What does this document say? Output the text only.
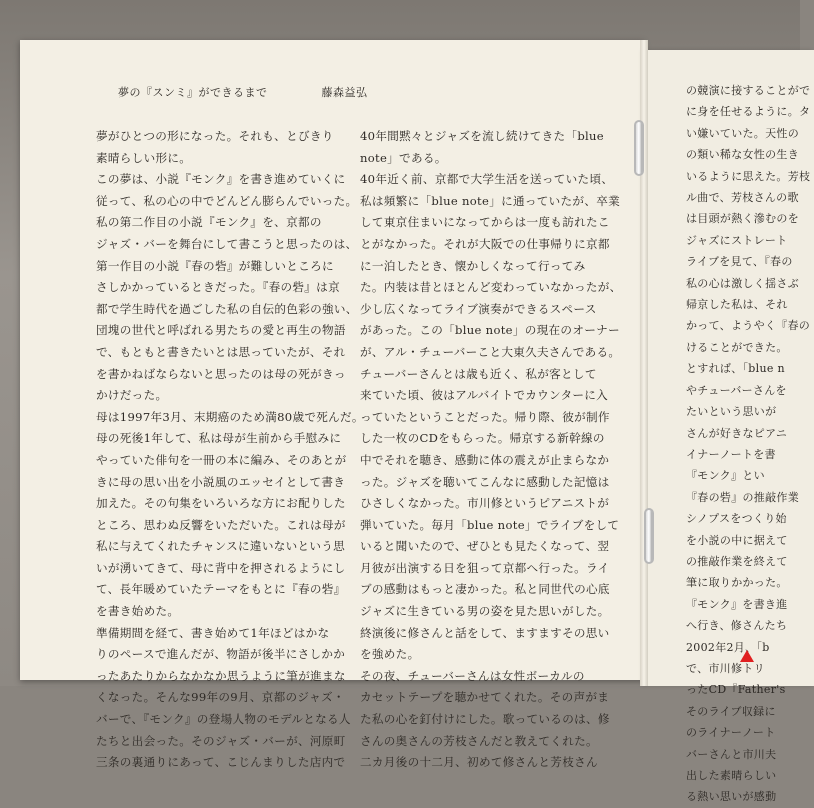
夢の『スンミ』ができるまで	藤森益弘

夢がひとつの形になった。それも、とびきり

素晴らしい形に。

この夢は、小説『モンク』を書き進めていくに

従って、私の心の中でどんどん膨らんでいった。

私の第二作目の小説『モンク』を、京都の

ジャズ・バーを舞台にして書こうと思ったのは、

第一作目の小説『春の砦』が難しいところに

さしかかっているときだった。『春の砦』は京

都で学生時代を過ごした私の自伝的色彩の強い、

団塊の世代と呼ばれる男たちの愛と再生の物語

で、もともと書きたいとは思っていたが、それ

を書かねばならないと思ったのは母の死がきっ

かけだった。

母は1997年3月、末期癌のため満80歳で死んだ。

母の死後1年して、私は母が生前から手慰みに

やっていた俳句を一冊の本に編み、そのあとが

きに母の思い出を小説風のエッセイとして書き

加えた。その句集をいろいろな方にお配りした

ところ、思わぬ反響をいただいた。これは母が

私に与えてくれたチャンスに違いないという思

いが湧いてきて、母に背中を押されるようにし

て、長年暖めていたテーマをもとに『春の砦』

を書き始めた。

準備期間を経て、書き始めて1年ほどはかな

りのペースで進んだが、物語が後半にさしかか

ったあたりからなかなか思うように筆が進まな

くなった。そんな99年の9月、京都のジャズ・

バーで、『モンク』の登場人物のモデルとなる人

たちと出会った。そのジャズ・バーが、河原町

三条の裏通りにあって、こじんまりした店内で

40年間黙々とジャズを流し続けてきた「blue

note」である。

40年近く前、京都で大学生活を送っていた頃、

私は頻繁に「blue note」に通っていたが、卒業

して東京住まいになってからは一度も訪れたこ

とがなかった。それが大阪での仕事帰りに京都

に一泊したとき、懐かしくなって行ってみ

た。内装は昔とほとんど変わっていなかったが、

少し広くなってライブ演奏ができるスペース

があった。この「blue note」の現在のオーナー

が、アル・チューバーこと大東久夫さんである。

チューバーさんとは歳も近く、私が客として

来ていた頃、彼はアルバイトでカウンターに入

っていたということだった。帰り際、彼が制作

した一枚のCDをもらった。帰京する新幹線の

中でそれを聴き、感動に体の震えが止まらなか

った。ジャズを聴いてこんなに感動した記憶は

ひさしくなかった。市川修というピアニストが

弾いていた。毎月「blue note」でライブをして

いると聞いたので、ぜひとも見たくなって、翌

月彼が出演する日を狙って京都へ行った。ライ

ブの感動はもっと凄かった。私と同世代の心底

ジャズに生きている男の姿を見た思いがした。

終演後に修さんと話をして、ますますその思い

を強めた。

その夜、チューバーさんは女性ボーカルの

カセットテープを聴かせてくれた。その声がま

た私の心を釘付けにした。歌っているのは、修

さんの奥さんの芳枝さんだと教えてくれた。

二カ月後の十二月、初めて修さんと芳枝さん

の競演に接することがで

に身を任せるように。タ

い嫌いていた。天性の

の類い稀な女性の生き

いるように思えた。芳枝

ル曲で、芳枝さんの歌

は目頭が熱く滲むのを

ジャズにストレート

ライブを見て、『春の

私の心は激しく揺さぶ

帰京した私は、それ

かって、ようやく『春の

けることができた。

とすれば、「blue n

やチューバーさんを

たいという思いが

さんが好きなピアニ

イナーノートを書

『モンク』とい

『春の砦』の推敲作業

シノプスをつくり始

を小説の中に据えて

の推敲作業を終えて

筆に取りかかった。

『モンク』を書き進

へ行き、修さんたち

2002年2月、「b

で、市川修トリ

ったCD『Father's

そのライブ収録に

のライナーノート

バーさんと市川夫

出した素晴らしい

る熱い思いが感動
